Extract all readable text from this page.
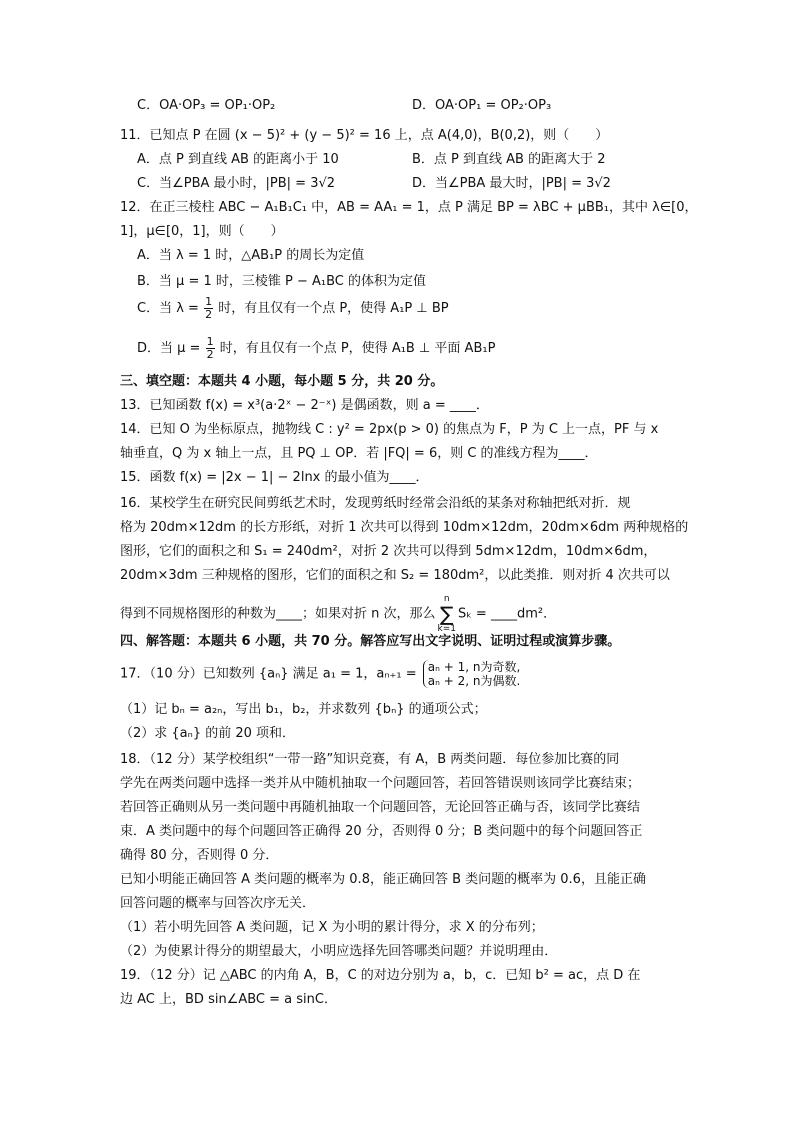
C．OA·OP₃ = OP₁·OP₂	D．OA·OP₁ = OP₂·OP₃
11．已知点 P 在圆 (x − 5)² + (y − 5)² = 16 上，点 A(4,0)，B(0,2)，则（　　）
A．点 P 到直线 AB 的距离小于 10	B．点 P 到直线 AB 的距离大于 2
C．当∠PBA 最小时，|PB| = 3√2	D．当∠PBA 最大时，|PB| = 3√2
12．在正三棱柱 ABC − A₁B₁C₁ 中，AB = AA₁ = 1，点 P 满足 BP = λBC + μBB₁，其中 λ∈[0，
1]，μ∈[0，1]，则（　　）
A．当 λ = 1 时，△AB₁P 的周长为定值
B．当 μ = 1 时，三棱锥 P − A₁BC 的体积为定值
C．当 $\lambda = \frac{1}{2}$ 时，有且仅有一个点 P，使得 A₁P ⊥ BP
D．当 $\mu = \frac{1}{2}$ 时，有且仅有一个点 P，使得 A₁B ⊥ 平面 AB₁P
三、填空题：本题共 4 小题，每小题 5 分，共 20 分。
13．已知函数 f(x) = x³(a·2ˣ − 2⁻ˣ) 是偶函数，则 a = ____．
14．已知 O 为坐标原点，抛物线 C : y² = 2px(p > 0) 的焦点为 F，P 为 C 上一点，PF 与 x
轴垂直，Q 为 x 轴上一点，且 PQ ⊥ OP．若 |FQ| = 6，则 C 的准线方程为____．
15．函数 f(x) = |2x − 1| − 2lnx 的最小值为____．
16．某校学生在研究民间剪纸艺术时，发现剪纸时经常会沿纸的某条对称轴把纸对折．规
格为 20dm×12dm 的长方形纸，对折 1 次共可以得到 10dm×12dm，20dm×6dm 两种规格的
图形，它们的面积之和 S₁ = 240dm²，对折 2 次共可以得到 5dm×12dm，10dm×6dm，
20dm×3dm 三种规格的图形，它们的面积之和 S₂ = 180dm²，以此类推．则对折 4 次共可以
得到不同规格图形的种数为____；如果对折 n 次，那么n
∑
k=1Sₖ = ____dm²．
四、解答题：本题共 6 小题，共 70 分。解答应写出文字说明、证明过程或演算步骤。
17．（10 分）已知数列 {aₙ} 满足 a₁ = 1，aₙ₊₁ = aₙ + 1, n为奇数,
aₙ + 2, n为偶数.
（1）记 bₙ = a₂ₙ，写出 b₁，b₂，并求数列 {bₙ} 的通项公式；
（2）求 {aₙ} 的前 20 项和．
18．（12 分）某学校组织“一带一路”知识竞赛，有 A，B 两类问题．每位参加比赛的同
学先在两类问题中选择一类并从中随机抽取一个问题回答，若回答错误则该同学比赛结束；
若回答正确则从另一类问题中再随机抽取一个问题回答，无论回答正确与否，该同学比赛结
束．A 类问题中的每个问题回答正确得 20 分，否则得 0 分；B 类问题中的每个问题回答正
确得 80 分，否则得 0 分．
已知小明能正确回答 A 类问题的概率为 0.8，能正确回答 B 类问题的概率为 0.6，且能正确
回答问题的概率与回答次序无关．
（1）若小明先回答 A 类问题，记 X 为小明的累计得分，求 X 的分布列；
（2）为使累计得分的期望最大，小明应选择先回答哪类问题？并说明理由．
19．（12 分）记 △ABC 的内角 A，B，C 的对边分别为 a，b，c．已知 b² = ac，点 D 在
边 AC 上，BD sin∠ABC = a sinC．
